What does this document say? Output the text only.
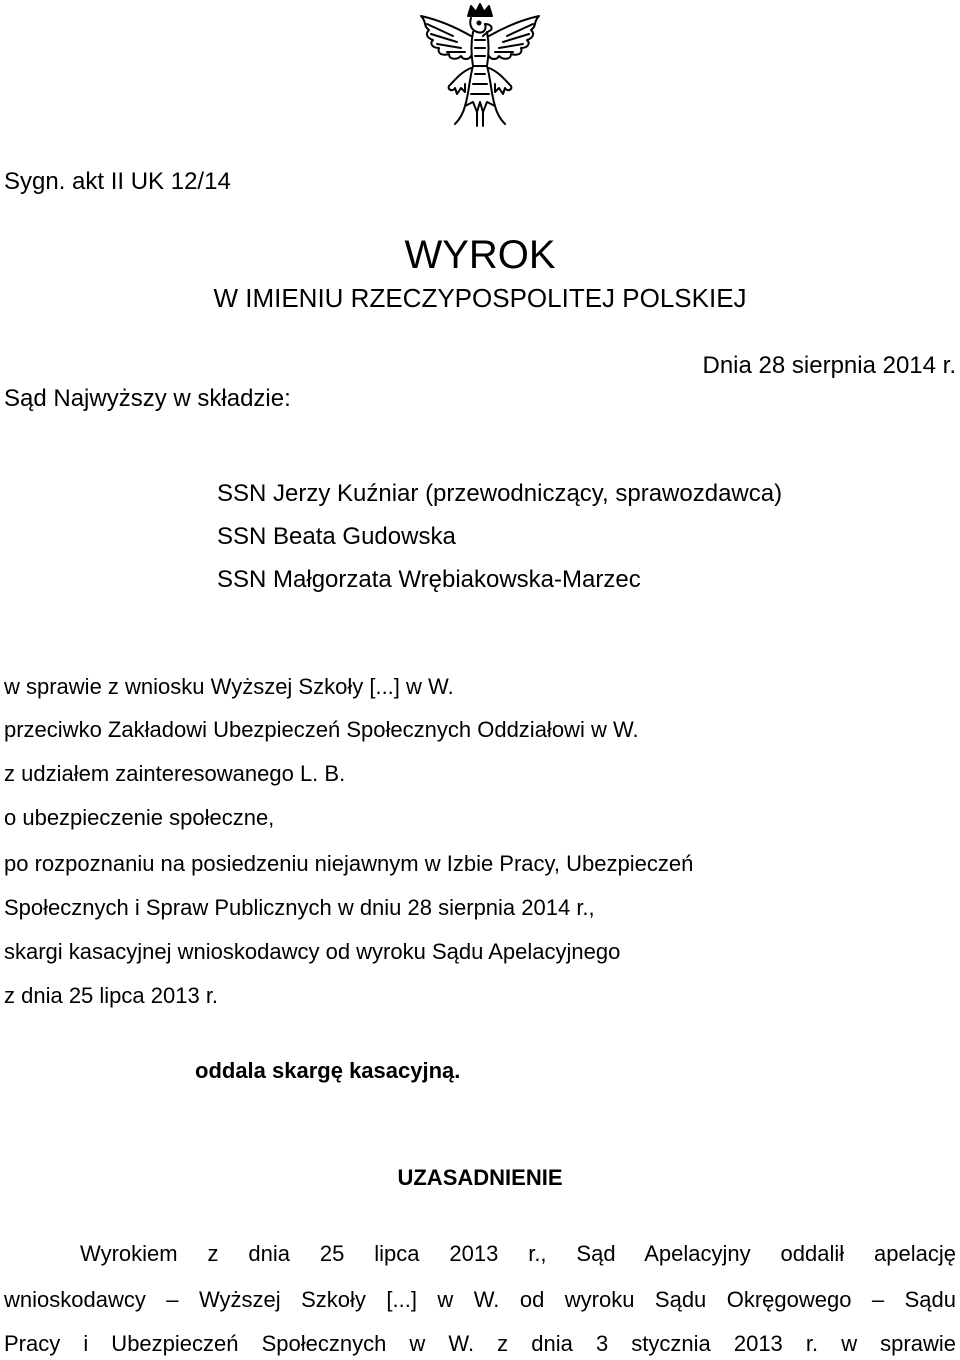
Sygn. akt II UK 12/14
WYROK
W IMIENIU RZECZYPOSPOLITEJ POLSKIEJ
Dnia 28 sierpnia 2014 r.
Sąd Najwyższy w składzie:
SSN Jerzy Kuźniar (przewodniczący, sprawozdawca)
SSN Beata Gudowska
SSN Małgorzata Wrębiakowska-Marzec
w sprawie z wniosku Wyższej Szkoły [...] w W.
przeciwko Zakładowi Ubezpieczeń Społecznych Oddziałowi w W.
z udziałem zainteresowanego L. B.
o ubezpieczenie społeczne,
po rozpoznaniu na posiedzeniu niejawnym w Izbie Pracy, Ubezpieczeń
Społecznych i Spraw Publicznych w dniu 28 sierpnia 2014 r.,
skargi kasacyjnej wnioskodawcy od wyroku Sądu Apelacyjnego
z dnia 25 lipca 2013 r.
oddala skargę kasacyjną.
UZASADNIENIE
Wyrokiem z dnia 25 lipca 2013 r., Sąd Apelacyjny oddalił apelację
wnioskodawcy – Wyższej Szkoły [...] w W. od wyroku Sądu Okręgowego – Sądu
Pracy i Ubezpieczeń Społecznych w W. z dnia 3 stycznia 2013 r. w sprawie
